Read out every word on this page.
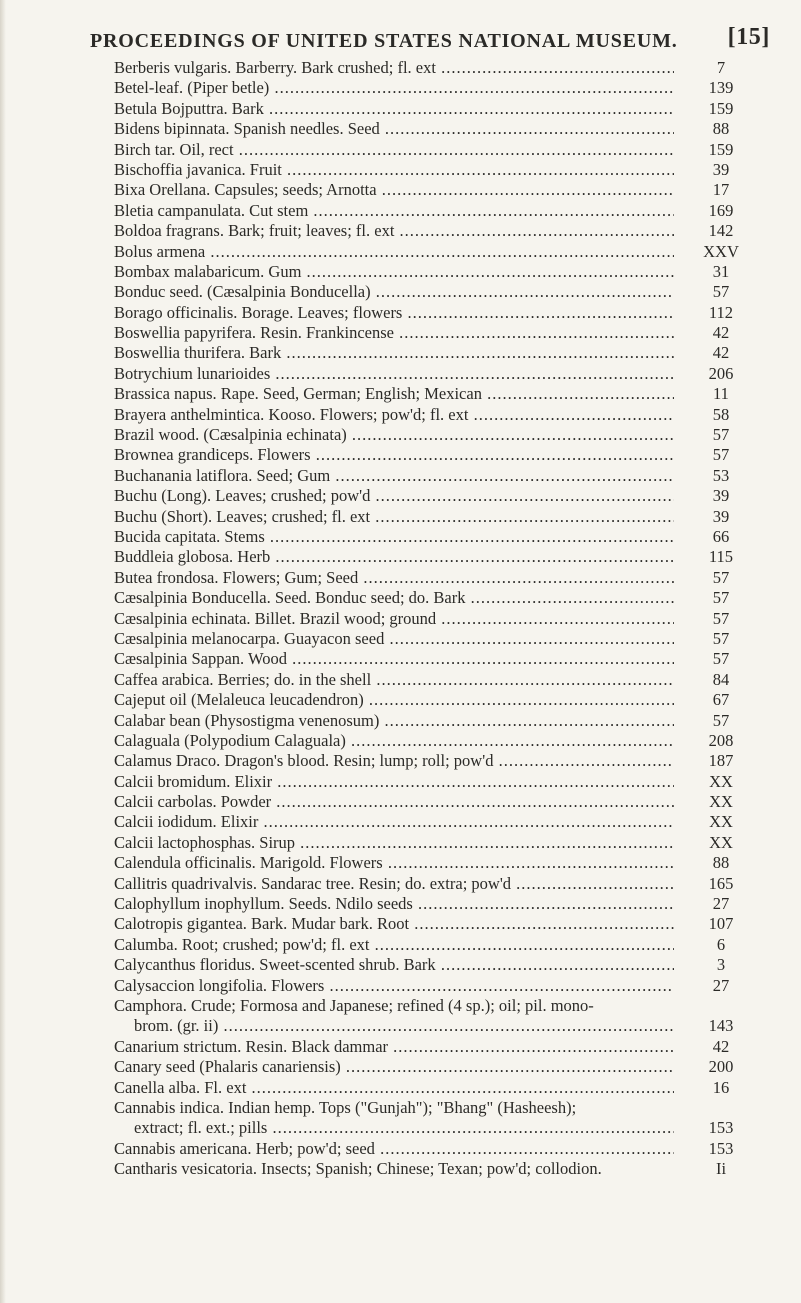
PROCEEDINGS OF UNITED STATES NATIONAL MUSEUM. [15]
Berberis vulgaris. Barberry. Bark crushed; fl. ext .....	7
Betel-leaf. (Piper betle) .....	139
Betula Bojputtra. Bark .....	159
Bidens bipinnata. Spanish needles. Seed .....	88
Birch tar. Oil, rect .....	159
Bischoffia javanica. Fruit .....	39
Bixa Orellana. Capsules; seeds; Arnotta .....	17
Bletia campanulata. Cut stem .....	169
Boldoa fragrans. Bark; fruit; leaves; fl. ext .....	142
Bolus armena .....	XXV
Bombax malabaricum. Gum .....	31
Bonduc seed. (Cæsalpinia Bonducella) .....	57
Borago officinalis. Borage. Leaves; flowers .....	112
Boswellia papyrifera. Resin. Frankincense .....	42
Boswellia thurifera. Bark .....	42
Botrychium lunarioides .....	206
Brassica napus. Rape. Seed, German; English; Mexican .....	11
Brayera anthelmintica. Kooso. Flowers; pow'd; fl. ext .....	58
Brazil wood. (Cæsalpinia echinata) .....	57
Brownea grandiceps. Flowers .....	57
Buchanania latiflora. Seed; Gum .....	53
Buchu (Long). Leaves; crushed; pow'd .....	39
Buchu (Short). Leaves; crushed; fl. ext .....	39
Bucida capitata. Stems .....	66
Buddleia globosa. Herb .....	115
Butea frondosa. Flowers; Gum; Seed .....	57
Cæsalpinia Bonducella. Seed. Bonduc seed; do. Bark .....	57
Cæsalpinia echinata. Billet. Brazil wood; ground .....	57
Cæsalpinia melanocarpa. Guayacon seed .....	57
Cæsalpinia Sappan. Wood .....	57
Caffea arabica. Berries; do. in the shell .....	84
Cajeput oil (Melaleuca leucadendron) .....	67
Calabar bean (Physostigma venenosum) .....	57
Calaguala (Polypodium Calaguala) .....	208
Calamus Draco. Dragon's blood. Resin; lump; roll; pow'd .....	187
Calcii bromidum. Elixir .....	XX
Calcii carbolas. Powder .....	XX
Calcii iodidum. Elixir .....	XX
Calcii lactophosphas. Sirup .....	XX
Calendula officinalis. Marigold. Flowers .....	88
Callitris quadrivalvis. Sandarac tree. Resin; do. extra; pow'd .....	165
Calophyllum inophyllum. Seeds. Ndilo seeds .....	27
Calotropis gigantea. Bark. Mudar bark. Root .....	107
Calumba. Root; crushed; pow'd; fl. ext .....	6
Calycanthus floridus. Sweet-scented shrub. Bark .....	3
Calysaccion longifolia. Flowers .....	27
Camphora. Crude; Formosa and Japanese; refined (4 sp.); oil; pil. mono-
brom. (gr. ii) .....	143
Canarium strictum. Resin. Black dammar .....	42
Canary seed (Phalaris canariensis) .....	200
Canella alba. Fl. ext .....	16
Cannabis indica. Indian hemp. Tops ("Gunjah"); "Bhang" (Hasheesh);
extract; fl. ext.; pills .....	153
Cannabis americana. Herb; pow'd; seed .....	153
Cantharis vesicatoria. Insects; Spanish; Chinese; Texan; pow'd; collodion.	Ii
